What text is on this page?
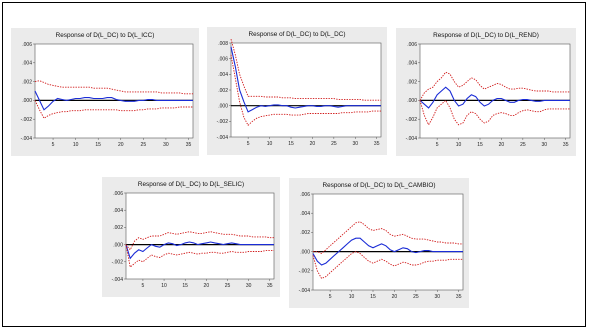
Response of D(L_DC) to D(L_ICC)
.006
.004
.002
.000
-.002
-.004
5	10	15	20	25	30	35
Response of D(L_DC) to D(L_DC)
.008
.006
.004
.002
.000
-.002
-.004
5	10	15	20	25	30	35
Response of D(L_DC) to D(L_REND)
.006
.004
.002
.000
-.002
-.004
5	10	15	20	25	30	35
Response of D(L_DC) to D(L_SELIC)
.006
.004
.002
.000
-.002
-.004
5	10	15	20	25	30	35
Response of D(L_DC) to D(L_CAMBIO)
.006
.004
.002
.000
-.002
-.004
5	10	15	20	25	30	35
